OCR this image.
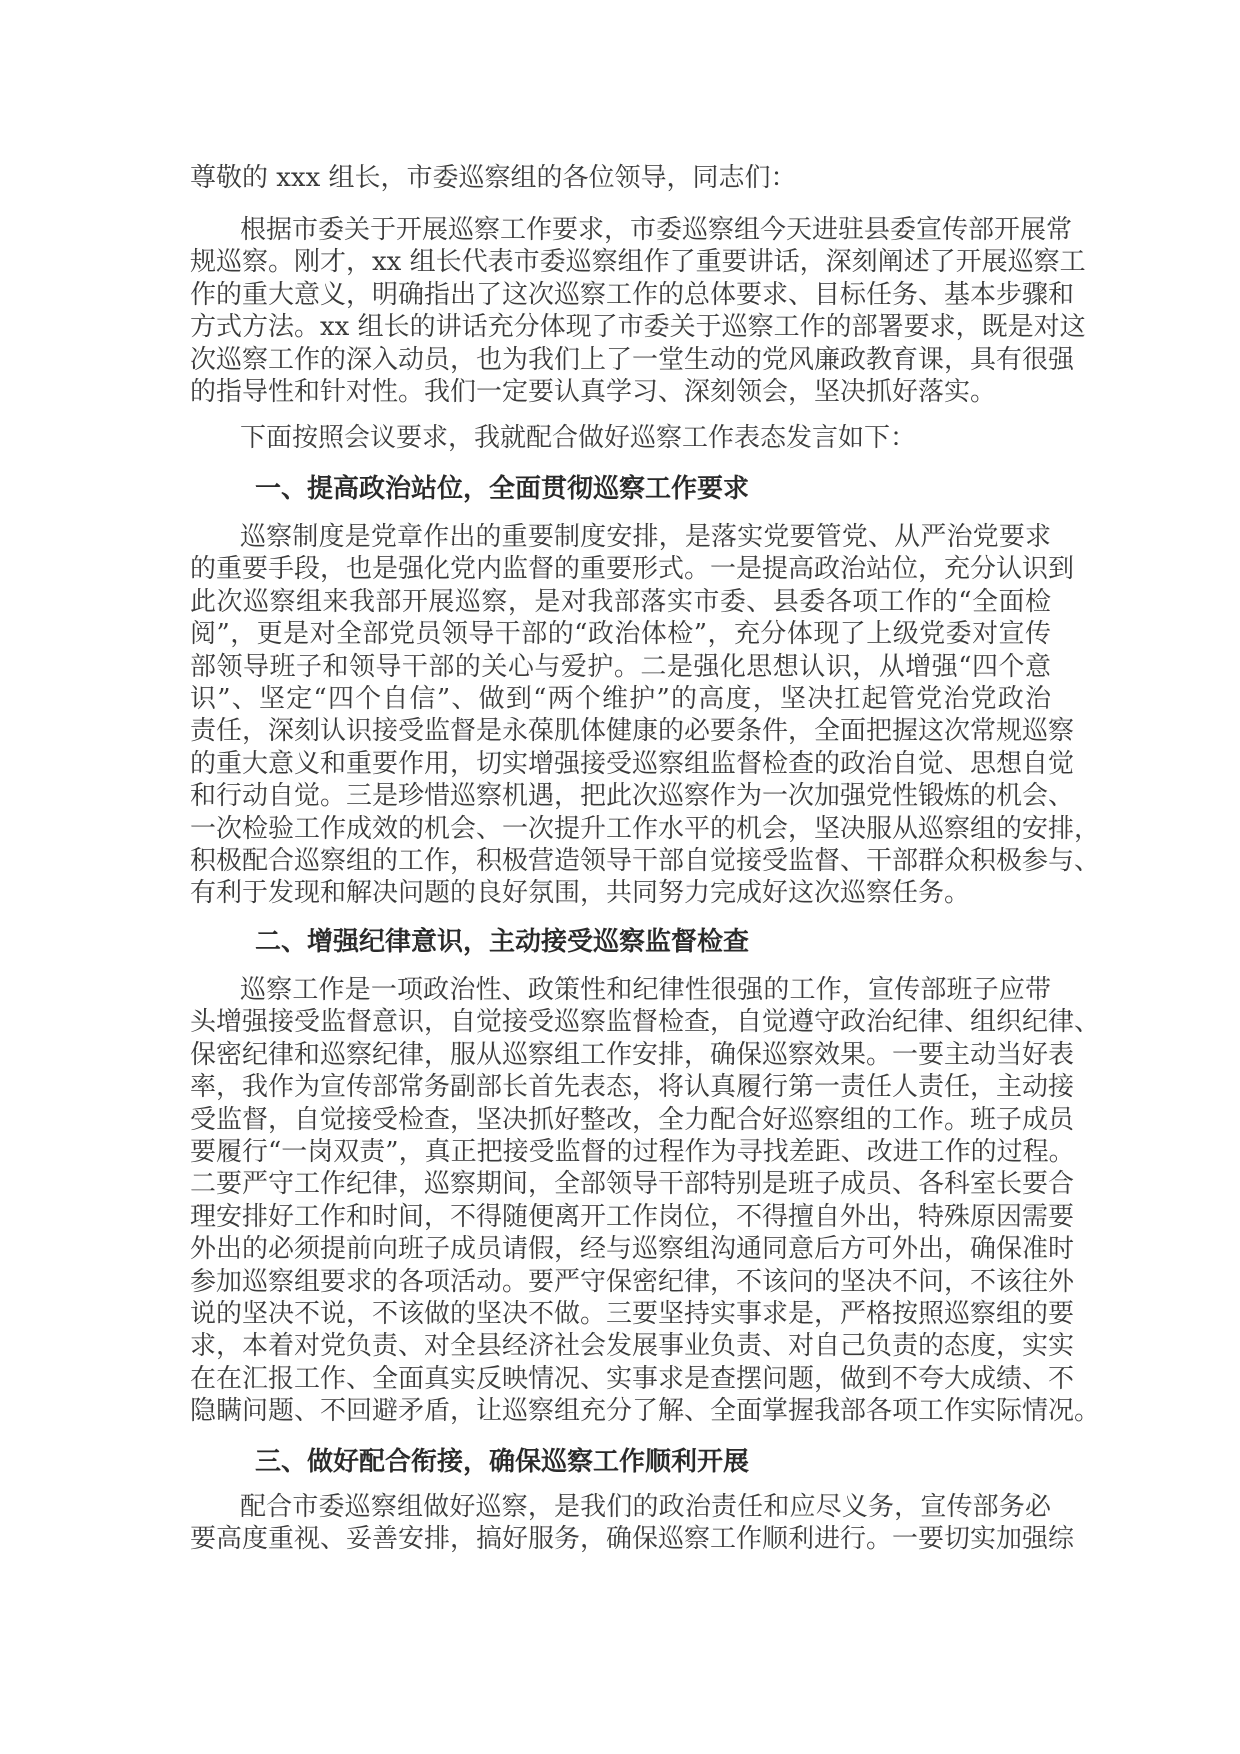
尊敬的 xxx 组长，市委巡察组的各位领导，同志们：
根据市委关于开展巡察工作要求，市委巡察组今天进驻县委宣传部开展常
规巡察。刚才，xx 组长代表市委巡察组作了重要讲话，深刻阐述了开展巡察工
作的重大意义，明确指出了这次巡察工作的总体要求、目标任务、基本步骤和
方式方法。xx 组长的讲话充分体现了市委关于巡察工作的部署要求，既是对这
次巡察工作的深入动员，也为我们上了一堂生动的党风廉政教育课，具有很强
的指导性和针对性。我们一定要认真学习、深刻领会，坚决抓好落实。
下面按照会议要求，我就配合做好巡察工作表态发言如下：
一、提高政治站位，全面贯彻巡察工作要求
巡察制度是党章作出的重要制度安排，是落实党要管党、从严治党要求
的重要手段，也是强化党内监督的重要形式。一是提高政治站位，充分认识到
此次巡察组来我部开展巡察，是对我部落实市委、县委各项工作的“全面检
阅”，更是对全部党员领导干部的“政治体检”，充分体现了上级党委对宣传
部领导班子和领导干部的关心与爱护。二是强化思想认识，从增强“四个意
识”、坚定“四个自信”、做到“两个维护”的高度，坚决扛起管党治党政治
责任，深刻认识接受监督是永葆肌体健康的必要条件，全面把握这次常规巡察
的重大意义和重要作用，切实增强接受巡察组监督检查的政治自觉、思想自觉
和行动自觉。三是珍惜巡察机遇，把此次巡察作为一次加强党性锻炼的机会、
一次检验工作成效的机会、一次提升工作水平的机会，坚决服从巡察组的安排，
积极配合巡察组的工作，积极营造领导干部自觉接受监督、干部群众积极参与、
有利于发现和解决问题的良好氛围，共同努力完成好这次巡察任务。
二、增强纪律意识，主动接受巡察监督检查
巡察工作是一项政治性、政策性和纪律性很强的工作，宣传部班子应带
头增强接受监督意识，自觉接受巡察监督检查，自觉遵守政治纪律、组织纪律、
保密纪律和巡察纪律，服从巡察组工作安排，确保巡察效果。一要主动当好表
率，我作为宣传部常务副部长首先表态，将认真履行第一责任人责任，主动接
受监督，自觉接受检查，坚决抓好整改，全力配合好巡察组的工作。班子成员
要履行“一岗双责”，真正把接受监督的过程作为寻找差距、改进工作的过程。
二要严守工作纪律，巡察期间，全部领导干部特别是班子成员、各科室长要合
理安排好工作和时间，不得随便离开工作岗位，不得擅自外出，特殊原因需要
外出的必须提前向班子成员请假，经与巡察组沟通同意后方可外出，确保准时
参加巡察组要求的各项活动。要严守保密纪律，不该问的坚决不问，不该往外
说的坚决不说，不该做的坚决不做。三要坚持实事求是，严格按照巡察组的要
求，本着对党负责、对全县经济社会发展事业负责、对自己负责的态度，实实
在在汇报工作、全面真实反映情况、实事求是查摆问题，做到不夸大成绩、不
隐瞒问题、不回避矛盾，让巡察组充分了解、全面掌握我部各项工作实际情况。
三、做好配合衔接，确保巡察工作顺利开展
配合市委巡察组做好巡察，是我们的政治责任和应尽义务，宣传部务必
要高度重视、妥善安排，搞好服务，确保巡察工作顺利进行。一要切实加强综
